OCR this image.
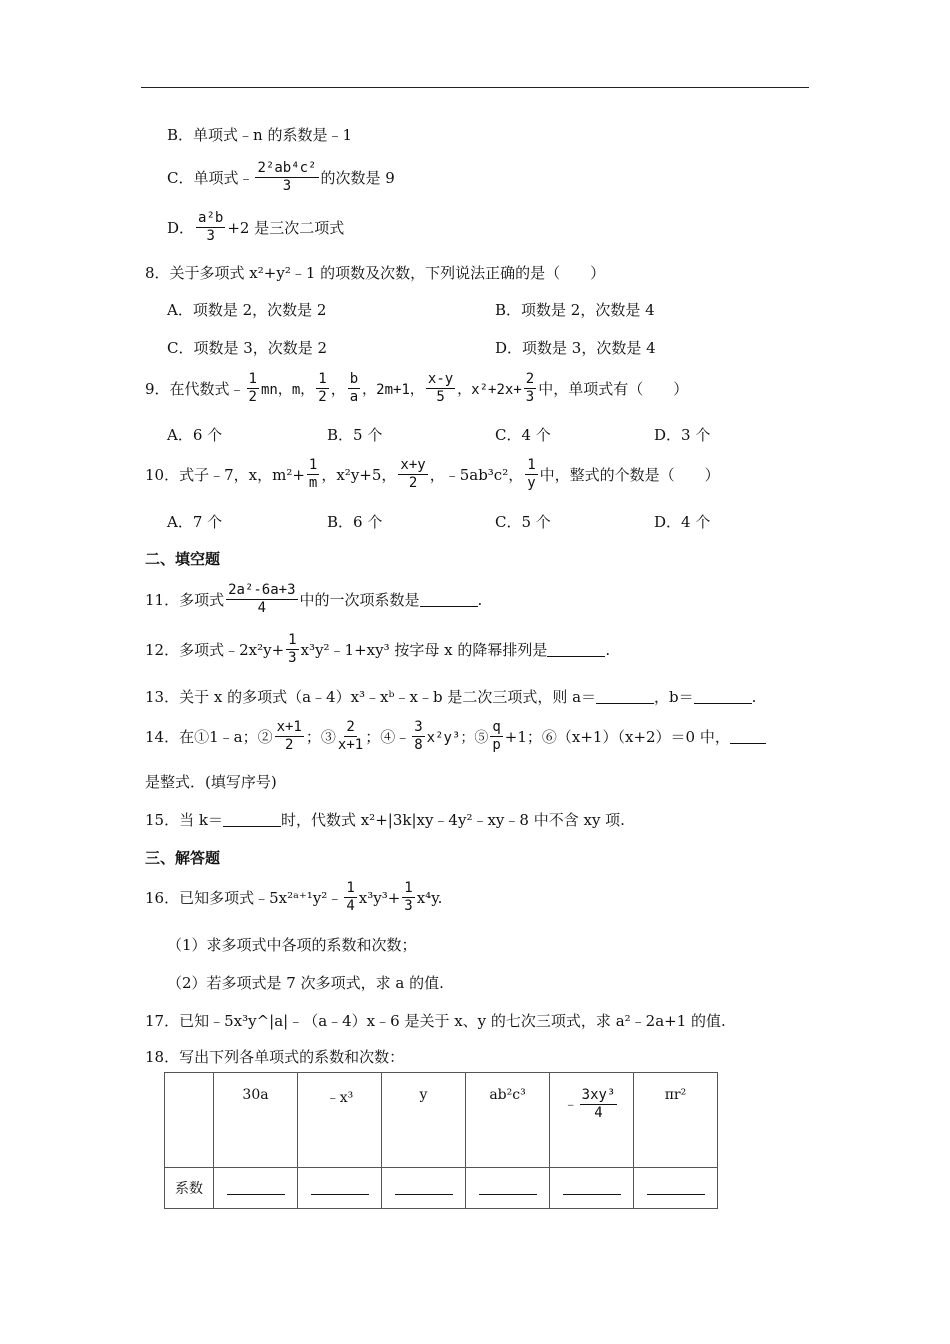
B．单项式﹣n 的系数是﹣1
C．单项式﹣ $\frac{\text{2²ab⁴c²}}{3}$ 的次数是 9
D． $\frac{\text{a²b}}{3} +2$ 是三次二项式
8．关于多项式 x²+y²﹣1 的项数及次数，下列说法正确的是（　　）
A．项数是 2，次数是 2	B．项数是 2，次数是 4
C．项数是 3，次数是 2	D．项数是 3，次数是 4
9．在代数式﹣ $\frac{1}{2}$ mn，m， $\frac{1}{2}$ ， $\frac{b}{a}$ ，2m+1， $\frac{x-y}{5}$ ，$x^2+2x+ \frac{2}{3}$ 中，单项式有（　　）
A．6 个	B．5 个	C．4 个	D．3 个
10．式子﹣7，x，$m^2+ \frac{1}{m}$ ，x²y+5， $\frac{x+y}{2}$ ，﹣5ab³c²， $\frac{1}{y}$ 中，整式的个数是（　　）
A．7 个	B．6 个	C．5 个	D．4 个
二、填空题
11．多项式 $\frac{\text{2a²-6a+3}}{4}$ 中的一次项系数是	.
12．多项式﹣2x²y+ $\frac{1}{3}$ x³y²﹣1+xy³ 按字母 x 的降幂排列是	.
13．关于 x 的多项式（a﹣4）x³﹣xᵇ﹣x﹣b 是二次三项式，则 a＝	，b＝	.
14．在①1﹣a；② $\frac{x+1}{2}$ ；③ $\frac{2}{x+1}$ ；④﹣ $\frac{3}{8} x^2y^3$；⑤ $\frac{q}{p} +1$；⑥（x+1）（x+2）＝0 中，
是整式．(填写序号)
15．当 k＝	时，代数式 x²+|3k|xy﹣4y²﹣xy﹣8 中不含 xy 项.
三、解答题
16．已知多项式﹣5x²ᵃ⁺¹y²﹣ $\frac{1}{4} x^3y^3+ \frac{1}{3} x^4y$.
（1）求多项式中各项的系数和次数；
（2）若多项式是 7 次多项式，求 a 的值.
17．已知﹣5x³y^|a|﹣（a﹣4）x﹣6 是关于 x、y 的七次三项式，求 a²﹣2a+1 的值.
18．写出下列各单项式的系数和次数：
	30a	﹣x³	y	ab²c³	﹣ $\frac{\text{3xy³}}{4}$	πr²
系数						
